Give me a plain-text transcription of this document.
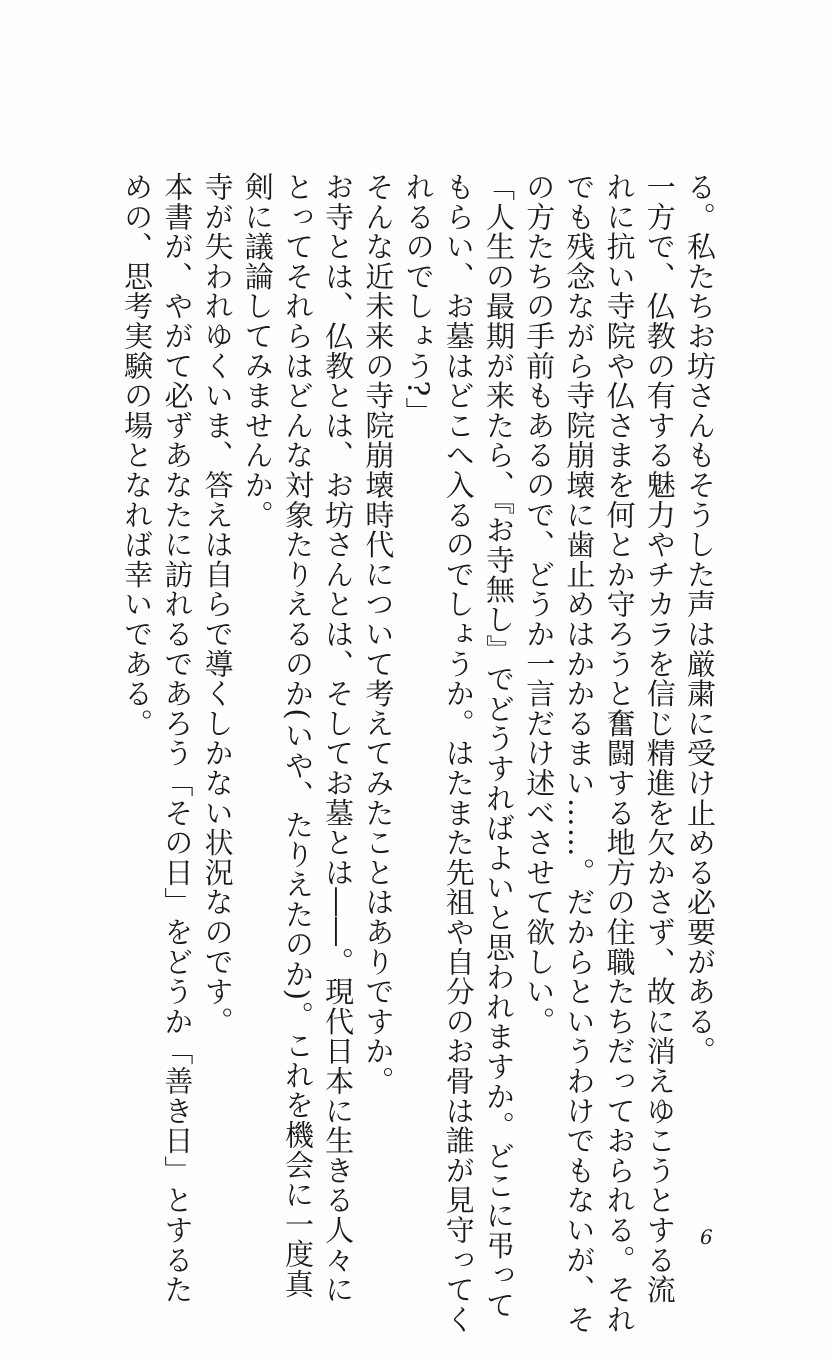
る。私たちお坊さんもそうした声は厳粛に受け止める必要がある。
一方で、仏教の有する魅力やチカラを信じ精進を欠かさず、故に消えゆこうとする流
れに抗い寺院や仏さまを何とか守ろうと奮闘する地方の住職たちだっておられる。それ
でも残念ながら寺院崩壊に歯止めはかかるまい……。だからというわけでもないが、そ
の方たちの手前もあるので、どうか一言だけ述べさせて欲しい。
「人生の最期が来たら、『お寺無し』でどうすればよいと思われますか。どこに弔って
もらい、お墓はどこへ入るのでしょうか。はたまた先祖や自分のお骨は誰が見守ってく
れるのでしょう?」
そんな近未来の寺院崩壊時代について考えてみたことはありですか。
お寺とは、仏教とは、お坊さんとは、そしてお墓とは――。現代日本に生きる人々に
とってそれらはどんな対象たりえるのか(いや、たりえたのか)。これを機会に一度真
剣に議論してみませんか。
寺が失われゆくいま、答えは自らで導くしかない状況なのです。
本書が、やがて必ずあなたに訪れるであろう「その日」をどうか「善き日」とするた
めの、思考実験の場となれば幸いである。
6
